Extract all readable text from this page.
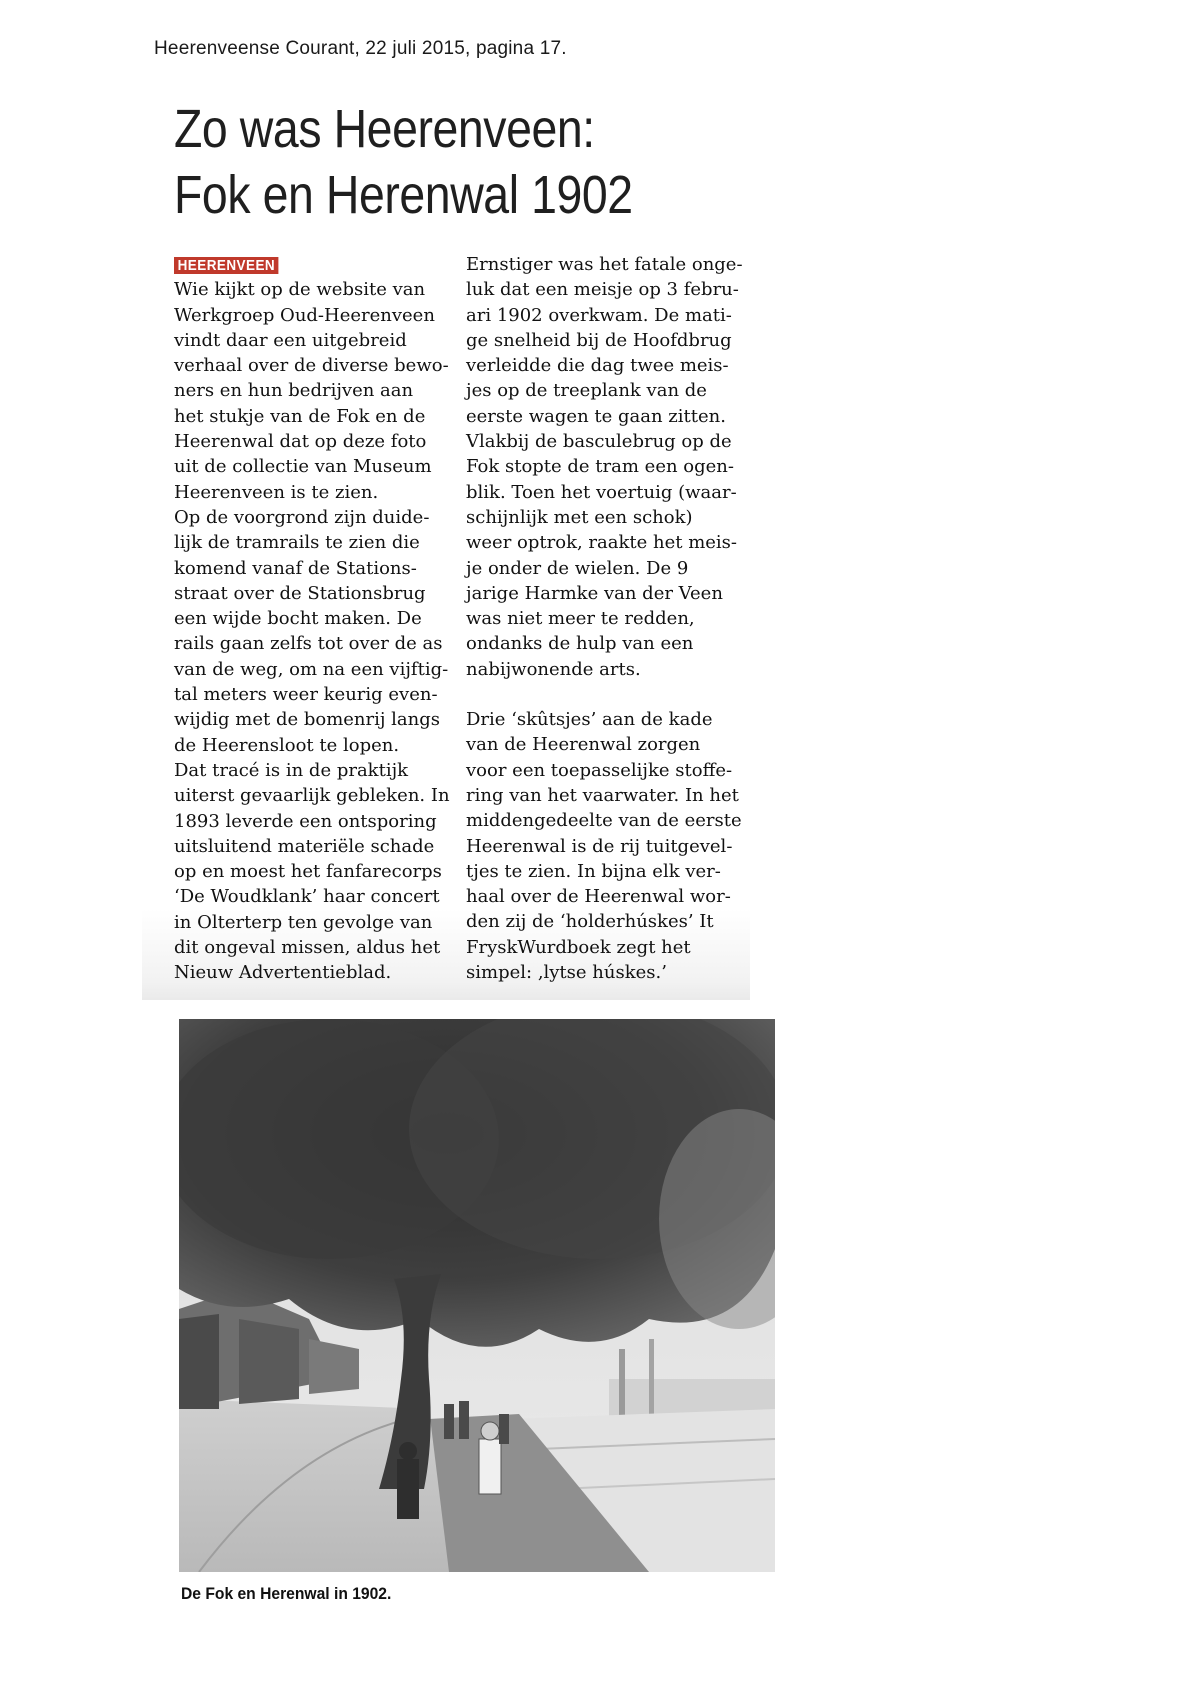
Heerenveense Courant, 22 juli 2015, pagina 17.
Zo was Heerenveen:
Fok en Herenwal 1902
HEERENVEEN

Wie kijkt op de website van

Werkgroep Oud-Heerenveen

vindt daar een uitgebreid

verhaal over de diverse bewo-

ners en hun bedrijven aan

het stukje van de Fok en de

Heerenwal dat op deze foto

uit de collectie van Museum

Heerenveen is te zien.

Op de voorgrond zijn duide-

lijk de tramrails te zien die

komend vanaf de Stations-

straat over de Stationsbrug

een wijde bocht maken. De

rails gaan zelfs tot over de as

van de weg, om na een vijftig-

tal meters weer keurig even-

wijdig met de bomenrij langs

de Heerensloot te lopen.

Dat tracé is in de praktijk

uiterst gevaarlijk gebleken. In

1893 leverde een ontsporing

uitsluitend materiële schade

op en moest het fanfarecorps

‘De Woudklank’ haar concert

in Olterterp ten gevolge van

dit ongeval missen, aldus het

Nieuw Advertentieblad.

Ernstiger was het fatale onge-

luk dat een meisje op 3 febru-

ari 1902 overkwam. De mati-

ge snelheid bij de Hoofdbrug

verleidde die dag twee meis-

jes op de treeplank van de

eerste wagen te gaan zitten.

Vlakbij de basculebrug op de

Fok stopte de tram een ogen-

blik. Toen het voertuig (waar-

schijnlijk met een schok)

weer optrok, raakte het meis-

je onder de wielen. De 9

jarige Harmke van der Veen

was niet meer te redden,

ondanks de hulp van een

nabijwonende arts.

Drie ‘skûtsjes’ aan de kade

van de Heerenwal zorgen

voor een toepasselijke stoffe-

ring van het vaarwater. In het

middengedeelte van de eerste

Heerenwal is de rij tuitgevel-

tjes te zien. In bijna elk ver-

haal over de Heerenwal wor-

den zij de ‘holderhúskes’ It

FryskWurdboek zegt het

simpel: ‚lytse húskes.’

De Fok en Herenwal in 1902.
